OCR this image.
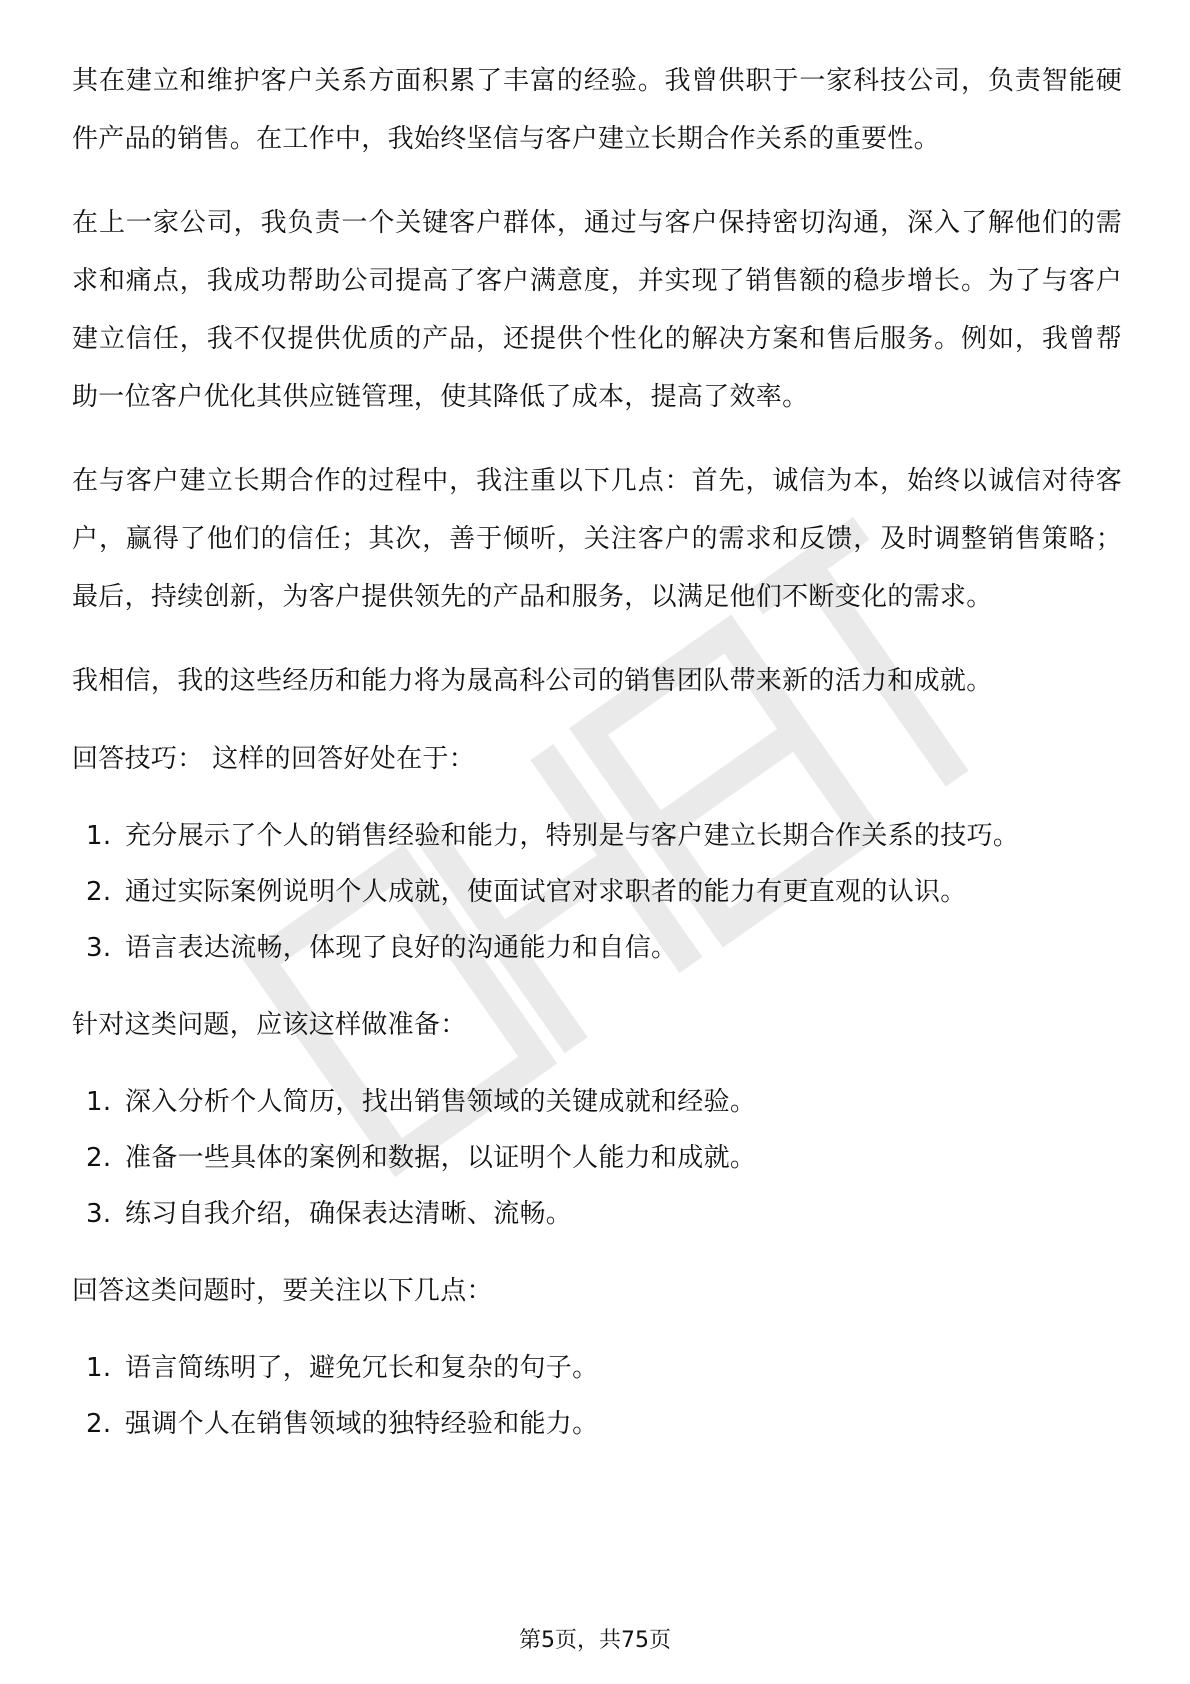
其在建立和维护客户关系方面积累了丰富的经验。我曾供职于一家科技公司，负责智能硬件产品的销售。在工作中，我始终坚信与客户建立长期合作关系的重要性。

在上一家公司，我负责一个关键客户群体，通过与客户保持密切沟通，深入了解他们的需求和痛点，我成功帮助公司提高了客户满意度，并实现了销售额的稳步增长。为了与客户建立信任，我不仅提供优质的产品，还提供个性化的解决方案和售后服务。例如，我曾帮助一位客户优化其供应链管理，使其降低了成本，提高了效率。

在与客户建立长期合作的过程中，我注重以下几点：首先，诚信为本，始终以诚信对待客户，赢得了他们的信任；其次，善于倾听，关注客户的需求和反馈，及时调整销售策略；最后，持续创新，为客户提供领先的产品和服务，以满足他们不断变化的需求。

我相信，我的这些经历和能力将为晟高科公司的销售团队带来新的活力和成就。

回答技巧： 这样的回答好处在于：

1. 充分展示了个人的销售经验和能力，特别是与客户建立长期合作关系的技巧。
2. 通过实际案例说明个人成就，使面试官对求职者的能力有更直观的认识。
3. 语言表达流畅，体现了良好的沟通能力和自信。

针对这类问题，应该这样做准备：

1. 深入分析个人简历，找出销售领域的关键成就和经验。
2. 准备一些具体的案例和数据，以证明个人能力和成就。
3. 练习自我介绍，确保表达清晰、流畅。

回答这类问题时，要关注以下几点：

1. 语言简练明了，避免冗长和复杂的句子。
2. 强调个人在销售领域的独特经验和能力。
第5页，共75页
